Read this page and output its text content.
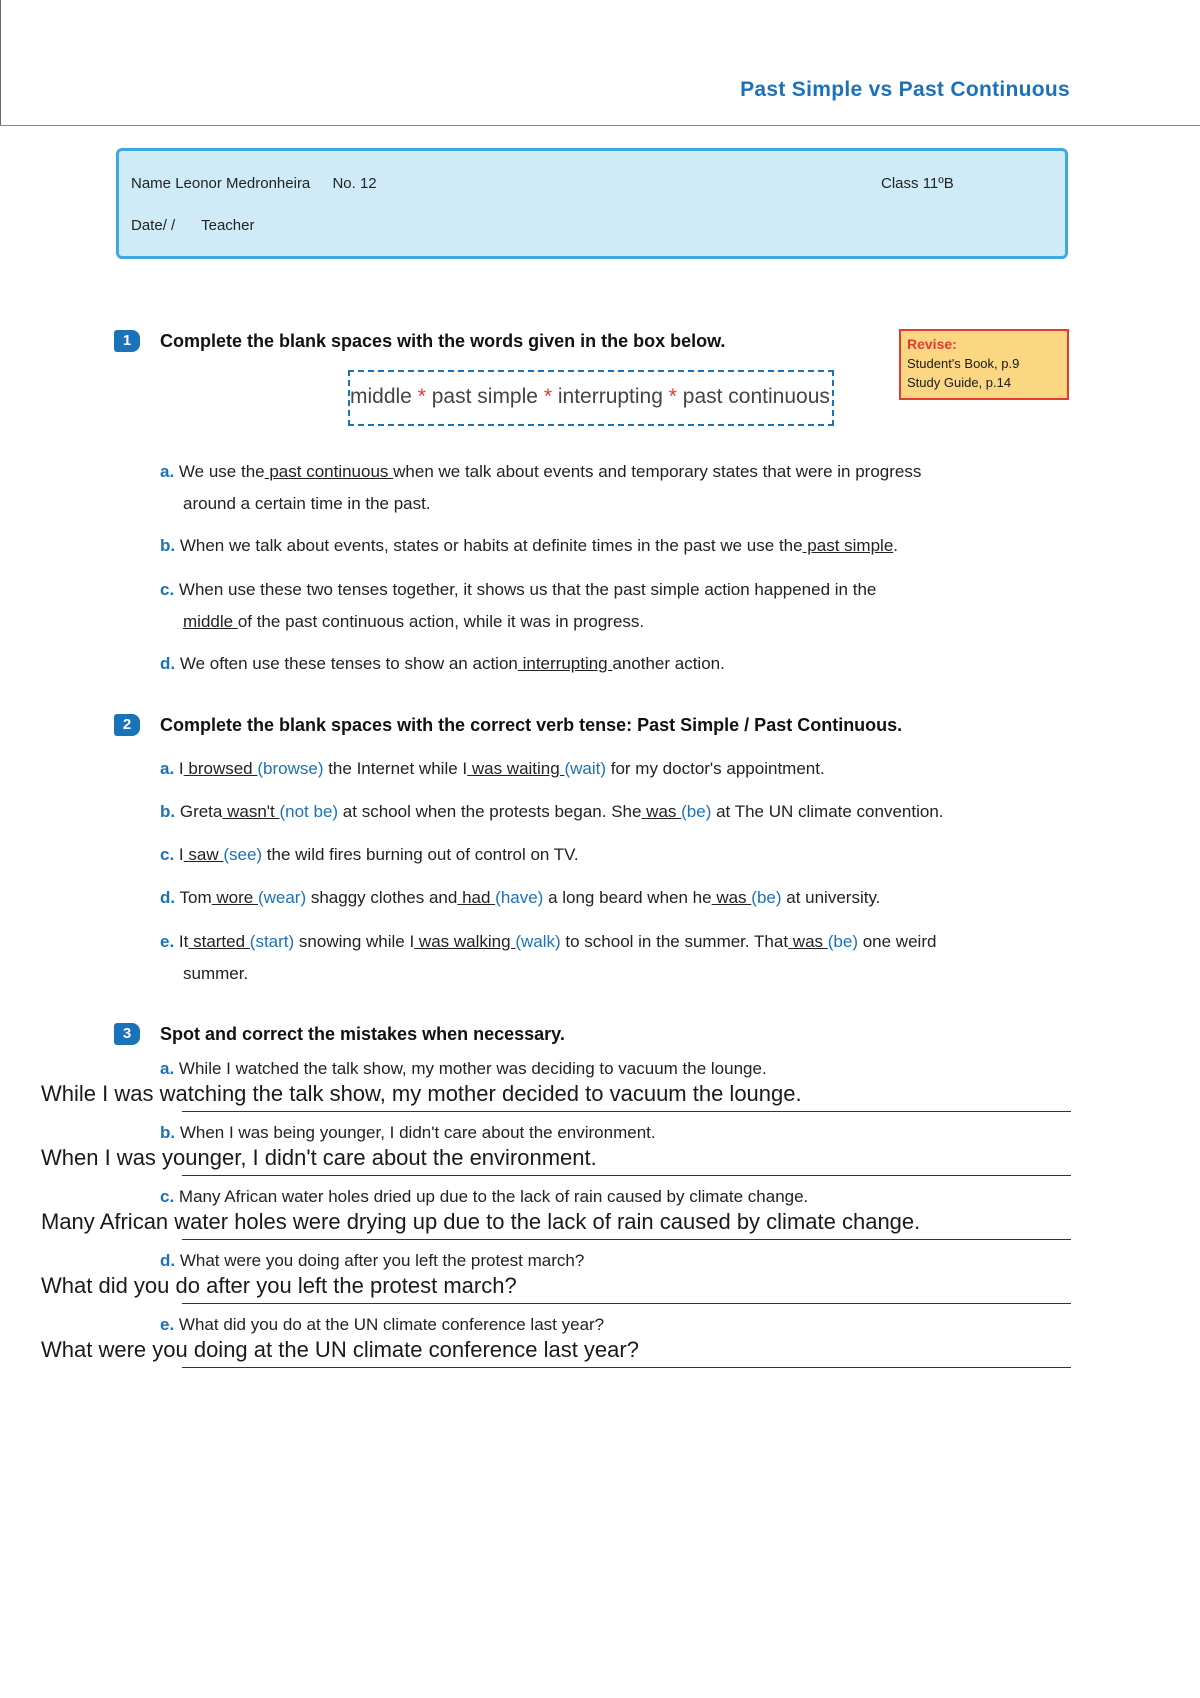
Past Simple vs Past Continuous
Name Leonor Medronheira No. 12	Class 11ºB
Date/ / Teacher
1	Complete the blank spaces with the words given in the box below.	Revise:
Student's Book, p.9
Study Guide, p.14
middle * past simple * interrupting * past continuous
a. We use the past continuous when we talk about events and temporary states that were in progress
around a certain time in the past.
b. When we talk about events, states or habits at definite times in the past we use the past simple.
c. When use these two tenses together, it shows us that the past simple action happened in the
middle of the past continuous action, while it was in progress.
d. We often use these tenses to show an action interrupting another action.
2	Complete the blank spaces with the correct verb tense: Past Simple / Past Continuous.
a. I browsed (browse) the Internet while I was waiting (wait) for my doctor's appointment.
b. Greta wasn't (not be) at school when the protests began. She was (be) at The UN climate convention.
c. I saw (see) the wild fires burning out of control on TV.
d. Tom wore (wear) shaggy clothes and had (have) a long beard when he was (be) at university.
e. It started (start) snowing while I was walking (walk) to school in the summer. That was (be) one weird
summer.
3	Spot and correct the mistakes when necessary.
a. While I watched the talk show, my mother was deciding to vacuum the lounge.
While I was watching the talk show, my mother decided to vacuum the lounge.
b. When I was being younger, I didn't care about the environment.
When I was younger, I didn't care about the environment.
c. Many African water holes dried up due to the lack of rain caused by climate change.
Many African water holes were drying up due to the lack of rain caused by climate change.
d. What were you doing after you left the protest march?
What did you do after you left the protest march?
e. What did you do at the UN climate conference last year?
What were you doing at the UN climate conference last year?
